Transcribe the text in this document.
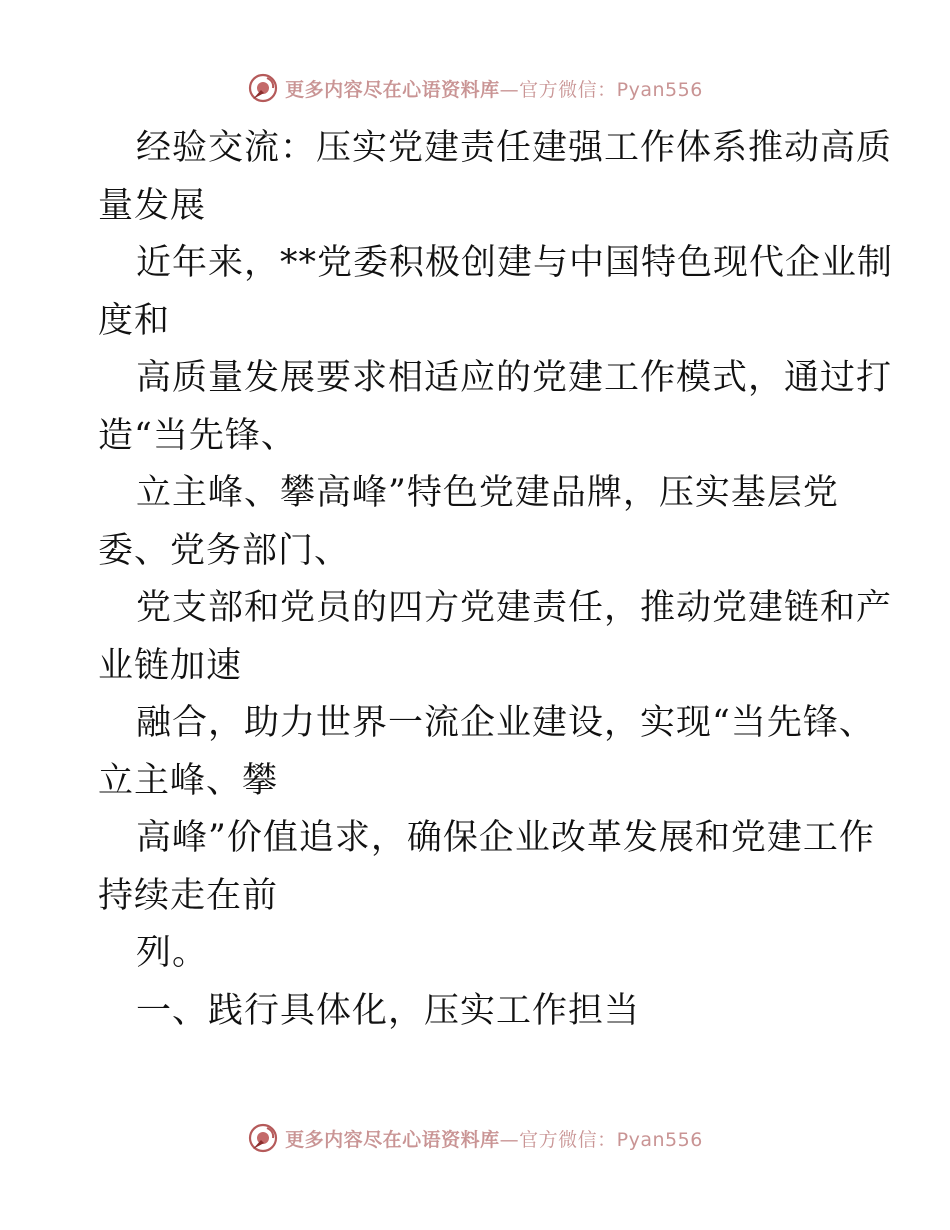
更多内容尽在心语资料库—官方微信：Pyan556
经验交流：压实党建责任建强工作体系推动高质
量发展
近年来，**党委积极创建与中国特色现代企业制
度和
高质量发展要求相适应的党建工作模式，通过打
造“当先锋、
立主峰、攀高峰”特色党建品牌，压实基层党
委、党务部门、
党支部和党员的四方党建责任，推动党建链和产
业链加速
融合，助力世界一流企业建设，实现“当先锋、
立主峰、攀
高峰”价值追求，确保企业改革发展和党建工作
持续走在前
列。
一、践行具体化，压实工作担当
更多内容尽在心语资料库—官方微信：Pyan556
